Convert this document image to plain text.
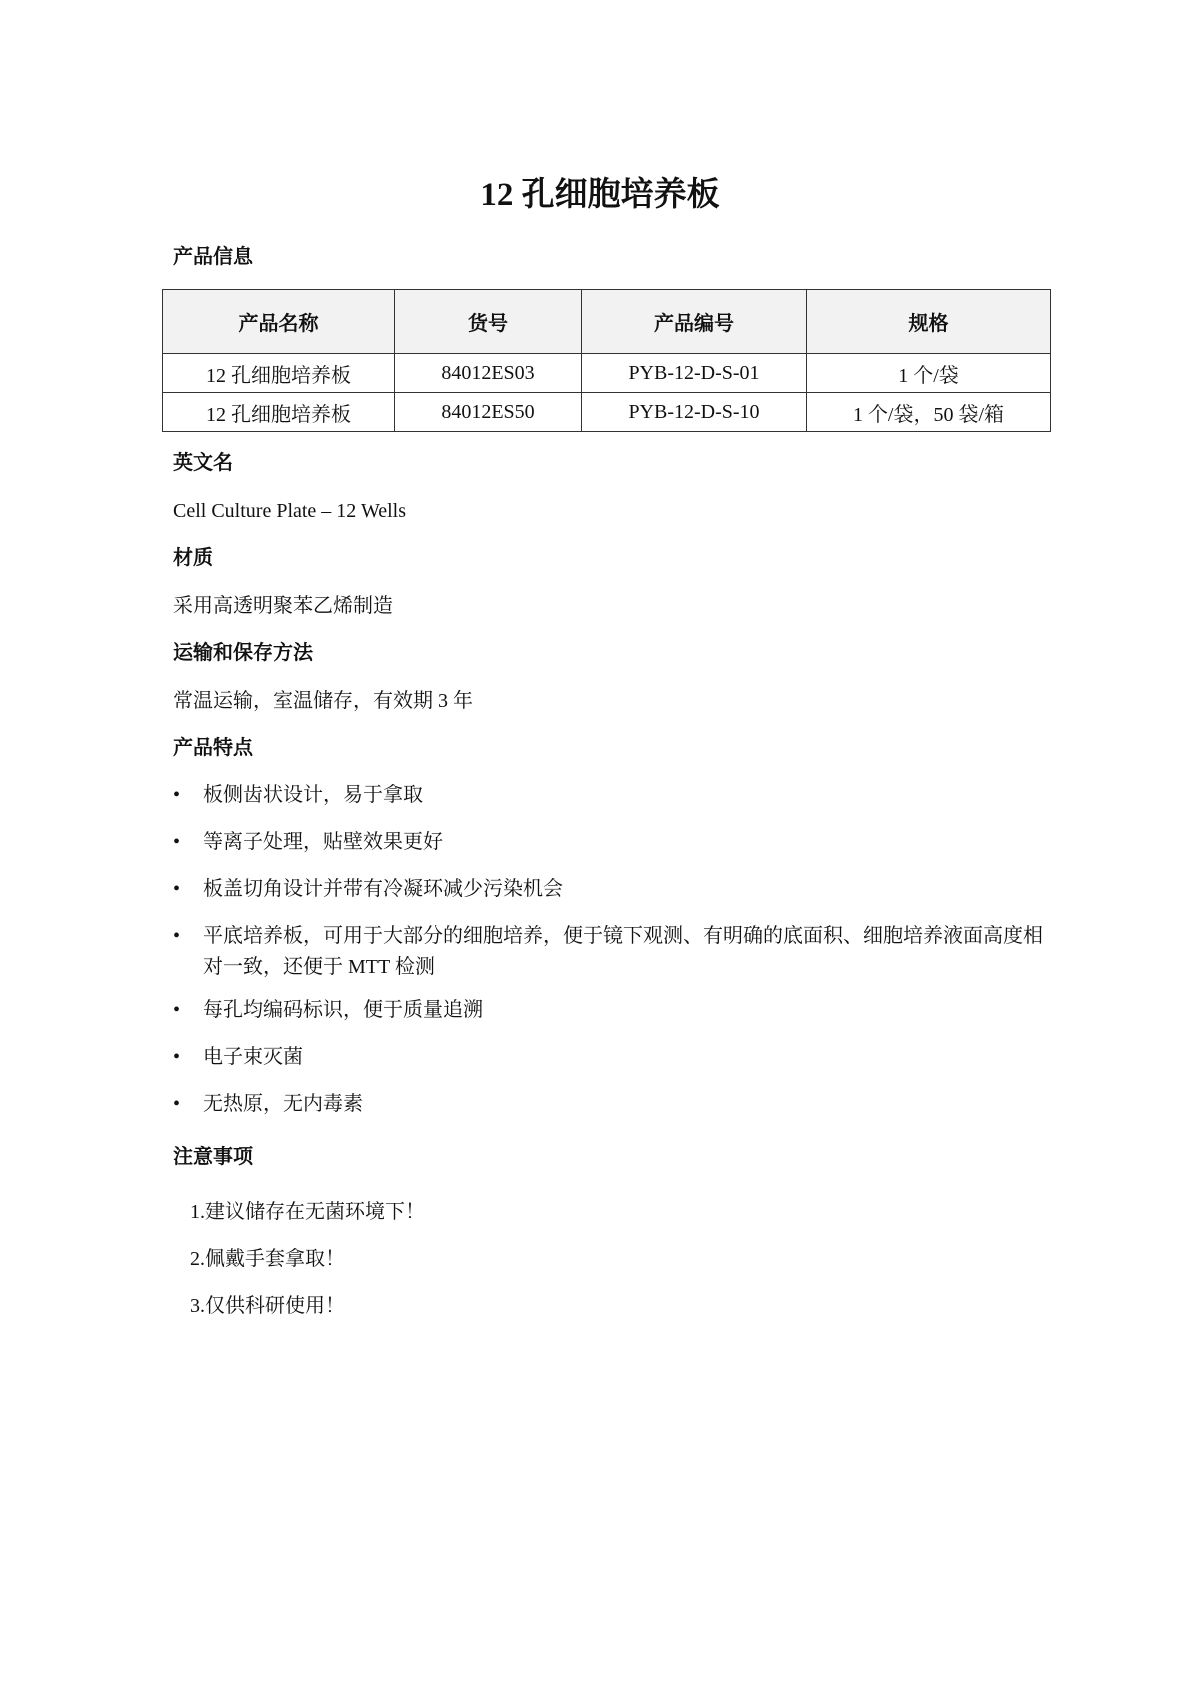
12 孔细胞培养板
产品信息
产品名称	货号	产品编号	规格
12 孔细胞培养板	84012ES03	PYB-12-D-S-01	1 个/袋
12 孔细胞培养板	84012ES50	PYB-12-D-S-10	1 个/袋，50 袋/箱
英文名

Cell Culture Plate – 12 Wells

材质

采用高透明聚苯乙烯制造

运输和保存方法

常温运输，室温储存，有效期 3 年

产品特点
• 板侧齿状设计，易于拿取
• 等离子处理，贴壁效果更好
• 板盖切角设计并带有冷凝环减少污染机会
• 平底培养板，可用于大部分的细胞培养，便于镜下观测、有明确的底面积、细胞培养液面高度相对一致，还便于 MTT 检测
• 每孔均编码标识，便于质量追溯
• 电子束灭菌
• 无热原，无内毒素
注意事项
1.建议储存在无菌环境下！
2.佩戴手套拿取！
3.仅供科研使用！
